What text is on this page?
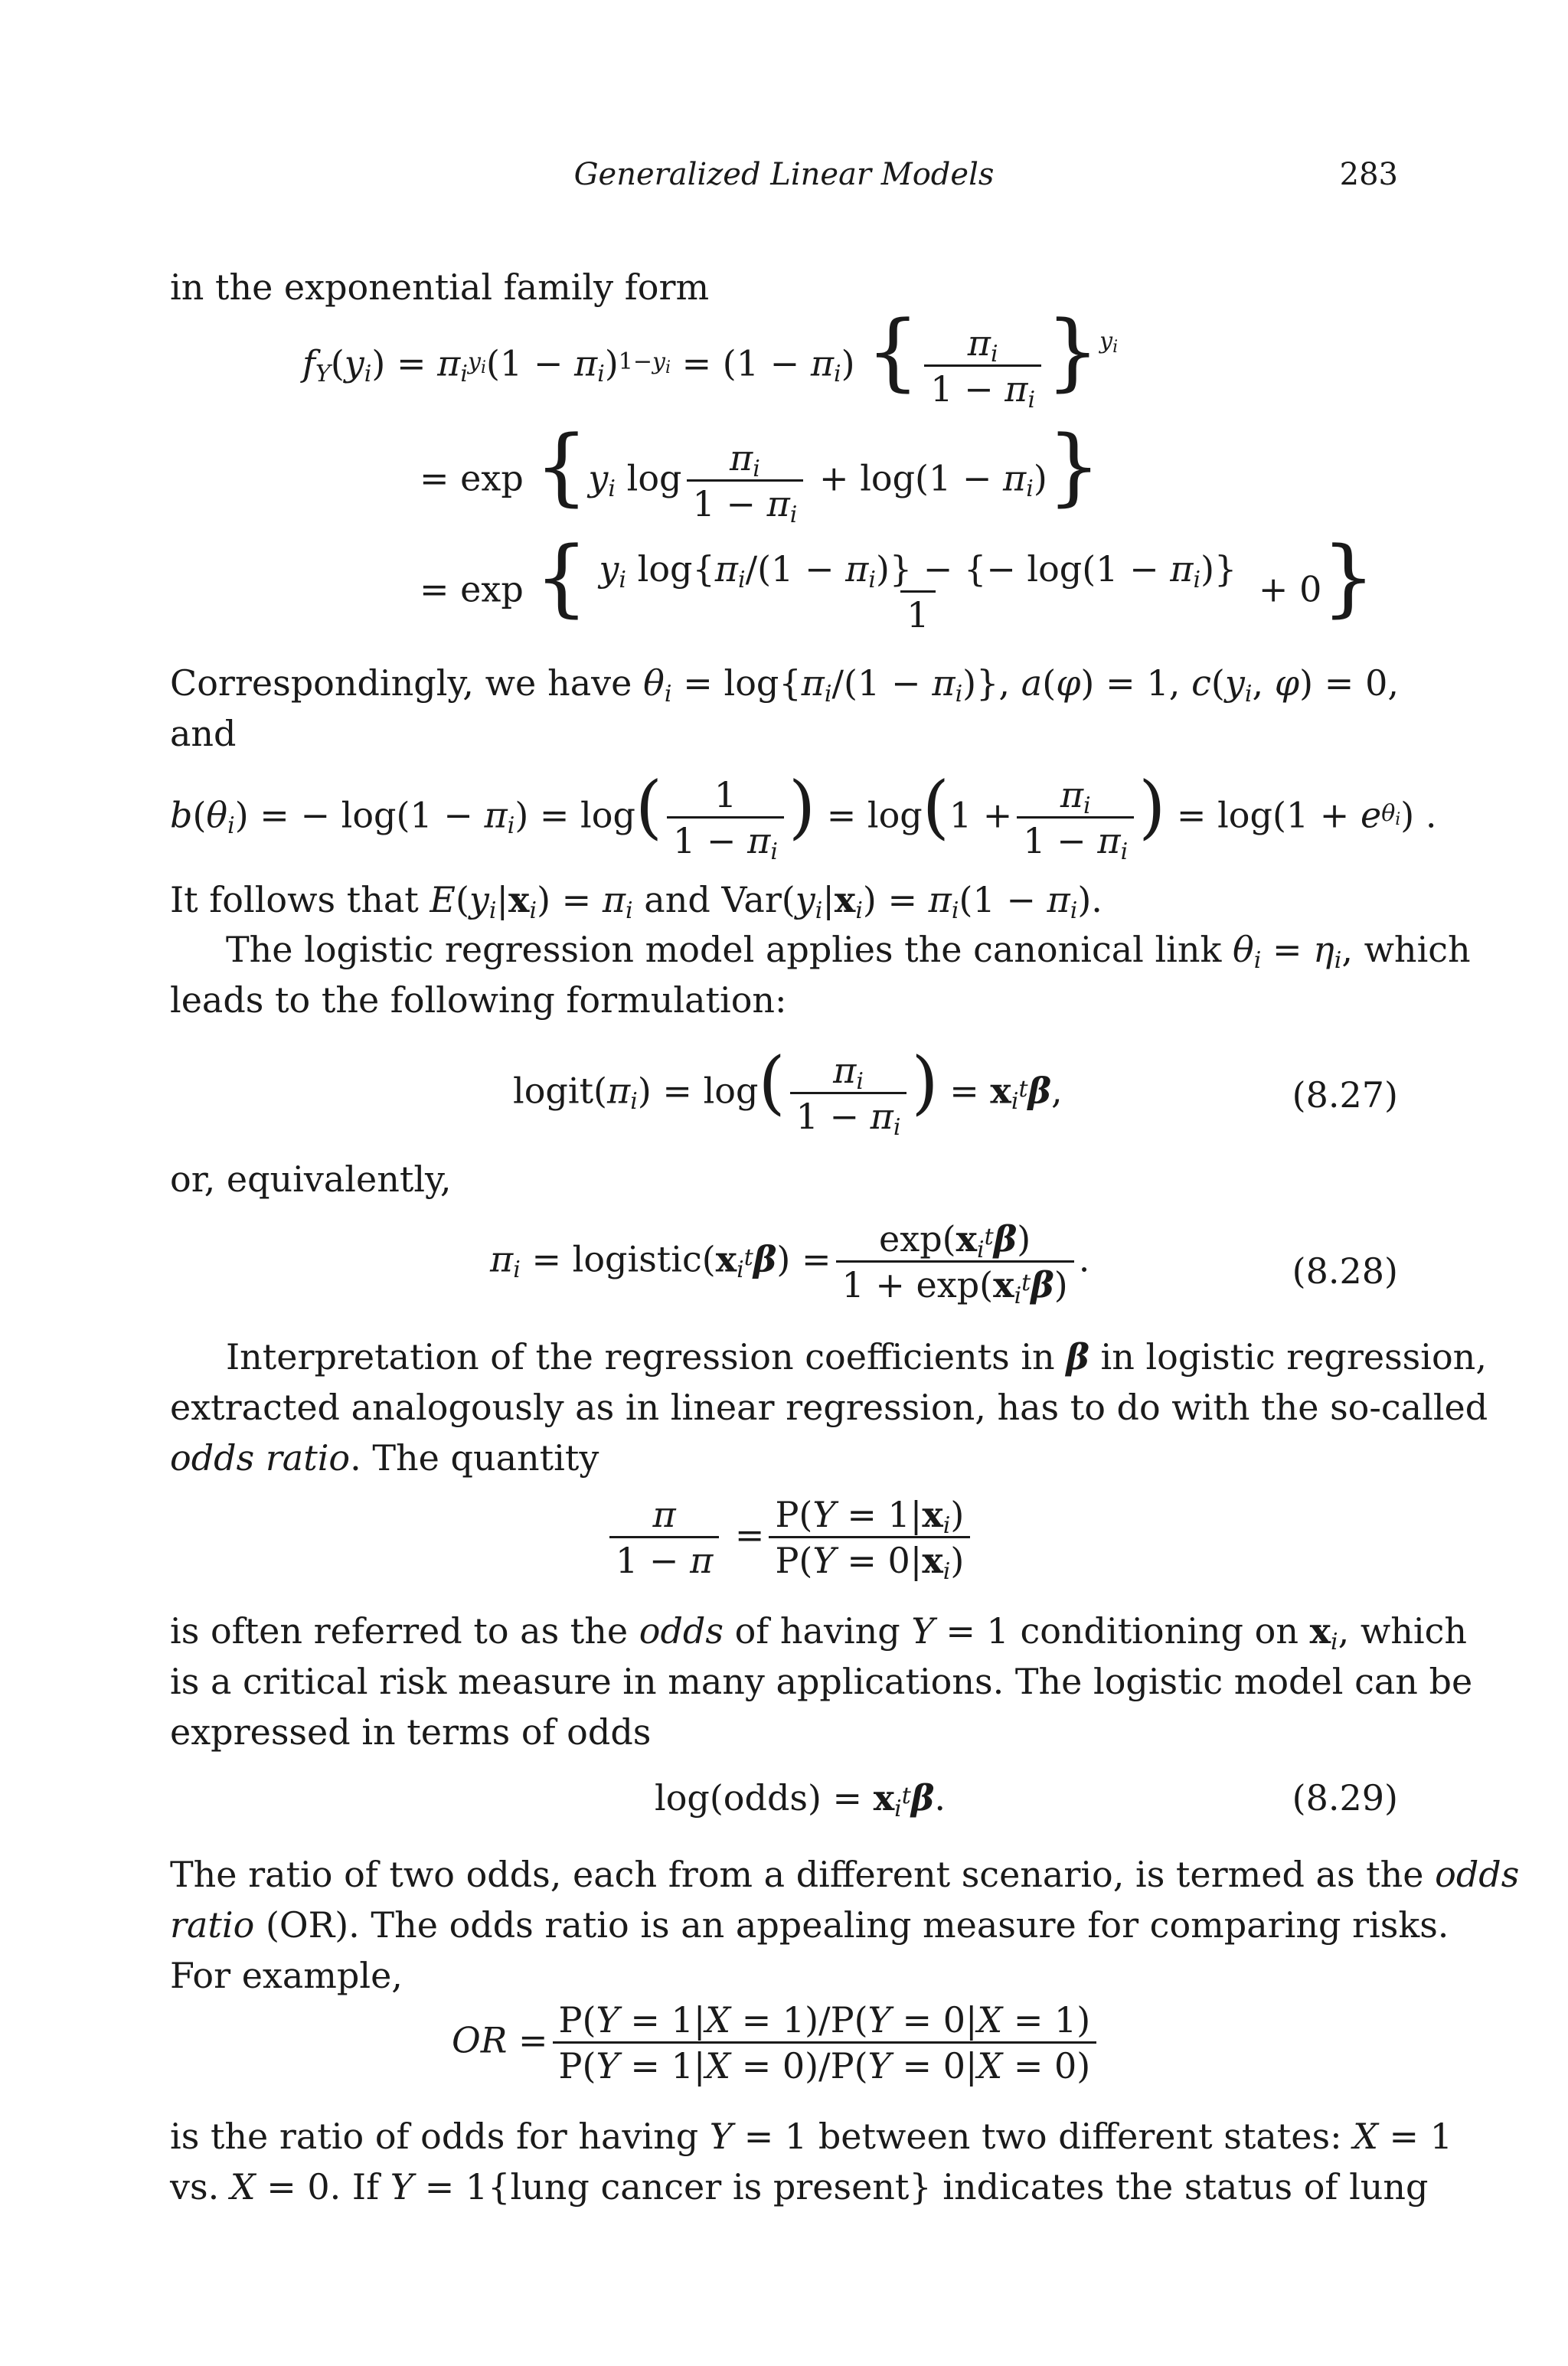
Generalized Linear Models	283
in the exponential family form
$f_Y(y_i) = \pi_i^{y_i}(1 - \pi_i)^{1-y_i} = (1 - \pi_i)$ { $\frac{\pi_i}{1 - \pi_i} \}^{y_i}$
= $\exp \{y_i$ $\log \frac{\pi_i}{1 - \pi_i} + \log(1 - \pi_i)$}
= exp { $\frac{y_i \log\{\pi_i/(1 - \pi_i)\} - \{- \log(1 - \pi_i)\}}{1} + 0$}
Correspondingly, we have $\theta_i = \log\{\pi_i/(1 - \pi_i)\}$, a(φ) = 1, $c(y_i$, φ) = 0,
and
$b(\theta_i)$ = − $\log(1 - \pi_i) = \log( \frac{1}{1 - \pi_i}$ ) = $\log(1 + \frac{\pi_i}{1 - \pi_i}$ ) = $\log(1 + e^{\theta_i})$ .
It follows that $E(y_i|x_i) = \pi_i$ and $Var(y_i|x_i) = \pi_i(1 - \pi_i)$.
The logistic regression model applies the canonical link $\theta_i = \eta_i$, which
leads to the following formulation:
$logit(\pi_i) = \log( \frac{\pi_i}{1 - \pi_i}$ ) = $x_i^t\beta$,	(8.27)
or, equivalently,
$\pi_i$ = $logistic(x_i^t\beta) = \frac{\exp(x_i^t\beta)}{1 + \exp(x_i^t\beta)}$ .	(8.28)
Interpretation of the regression coefficients in β in logistic regression,
extracted analogously as in linear regression, has to do with the so-called
odds ratio. The quantity
$\frac{\pi}{1 - \pi} = \frac{P(Y = 1|x_i)}{P(Y = 0|x_i)}$
is often referred to as the odds of having Y = 1 conditioning on $x_i$, which
is a critical risk measure in many applications. The logistic model can be
expressed in terms of odds
log(odds) = $x_i^t\beta$.	(8.29)
The ratio of two odds, each from a different scenario, is termed as the odds
ratio (OR). The odds ratio is an appealing measure for comparing risks.
For example,
OR = $\frac{P(Y = 1|X = 1)/P(Y = 0|X = 1)}{P(Y = 1|X = 0)/P(Y = 0|X = 0)}$
is the ratio of odds for having Y = 1 between two different states: X = 1
vs. X = 0. If Y = 1{lung cancer is present} indicates the status of lung
